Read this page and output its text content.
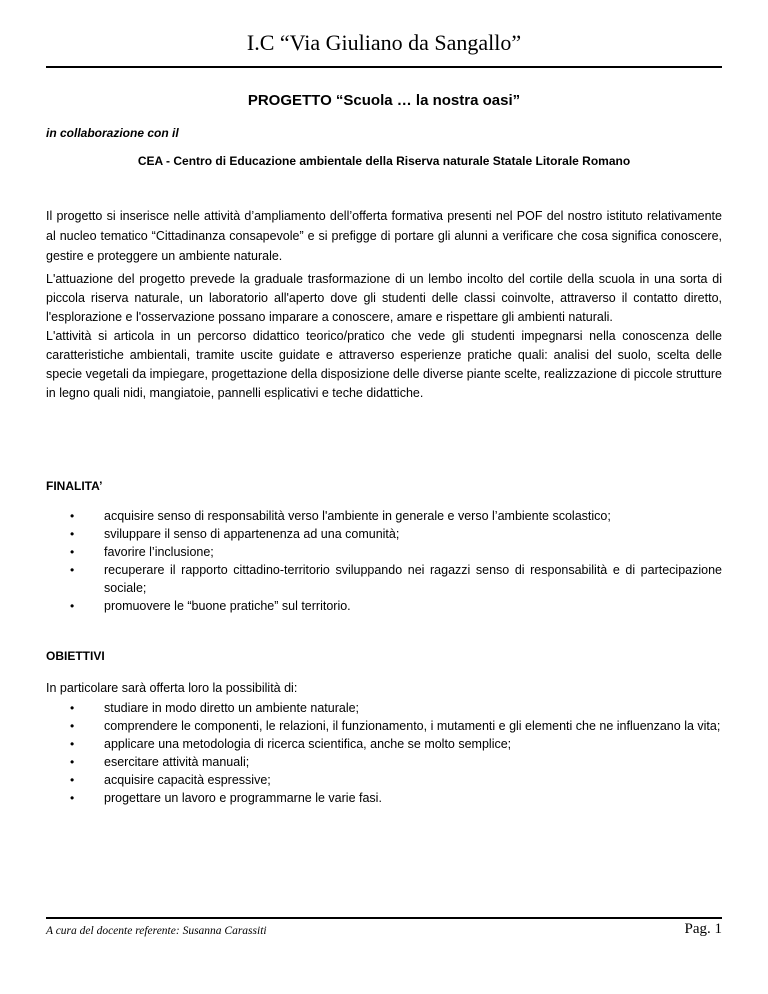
I.C “Via Giuliano da Sangallo”
PROGETTO “Scuola … la nostra oasi”
in collaborazione con il
CEA - Centro di Educazione ambientale della Riserva naturale Statale Litorale Romano

Il progetto si inserisce nelle attività d’ampliamento dell’offerta formativa presenti nel POF del nostro istituto relativamente al nucleo tematico “Cittadinanza consapevole” e si prefigge di portare gli alunni a verificare che cosa significa conoscere, gestire e proteggere un ambiente naturale.

L'attuazione del progetto prevede la graduale trasformazione di un lembo incolto del cortile della scuola in una sorta di piccola riserva naturale, un laboratorio all'aperto dove gli studenti delle classi coinvolte, attraverso il contatto diretto, l'esplorazione e l'osservazione possano imparare a conoscere, amare e rispettare gli ambienti naturali.
L'attività si articola in un percorso didattico teorico/pratico che vede gli studenti impegnarsi nella conoscenza delle caratteristiche ambientali, tramite uscite guidate e attraverso esperienze pratiche quali: analisi del suolo, scelta delle specie vegetali da impiegare, progettazione della disposizione delle diverse piante scelte, realizzazione di piccole strutture in legno quali nidi, mangiatoie, pannelli esplicativi e teche didattiche.
FINALITA’
•	acquisire senso di responsabilità verso l'ambiente in generale e verso l’ambiente scolastico;
•	sviluppare il senso di appartenenza ad una comunità;
•	favorire l’inclusione;
•	recuperare il rapporto cittadino-territorio sviluppando nei ragazzi senso di responsabilità e di partecipazione sociale;
•	promuovere le “buone pratiche” sul territorio.
OBIETTIVI
In particolare sarà offerta loro la possibilità di:
•	studiare in modo diretto un ambiente naturale;
•	comprendere le componenti, le relazioni, il funzionamento, i mutamenti e gli elementi che ne influenzano la vita;
•	applicare una metodologia di ricerca scientifica, anche se molto semplice;
•	esercitare attività manuali;
•	acquisire capacità espressive;
•	progettare un lavoro e programmarne le varie fasi.
A cura del docente referente: Susanna Carassiti	Pag. 1
